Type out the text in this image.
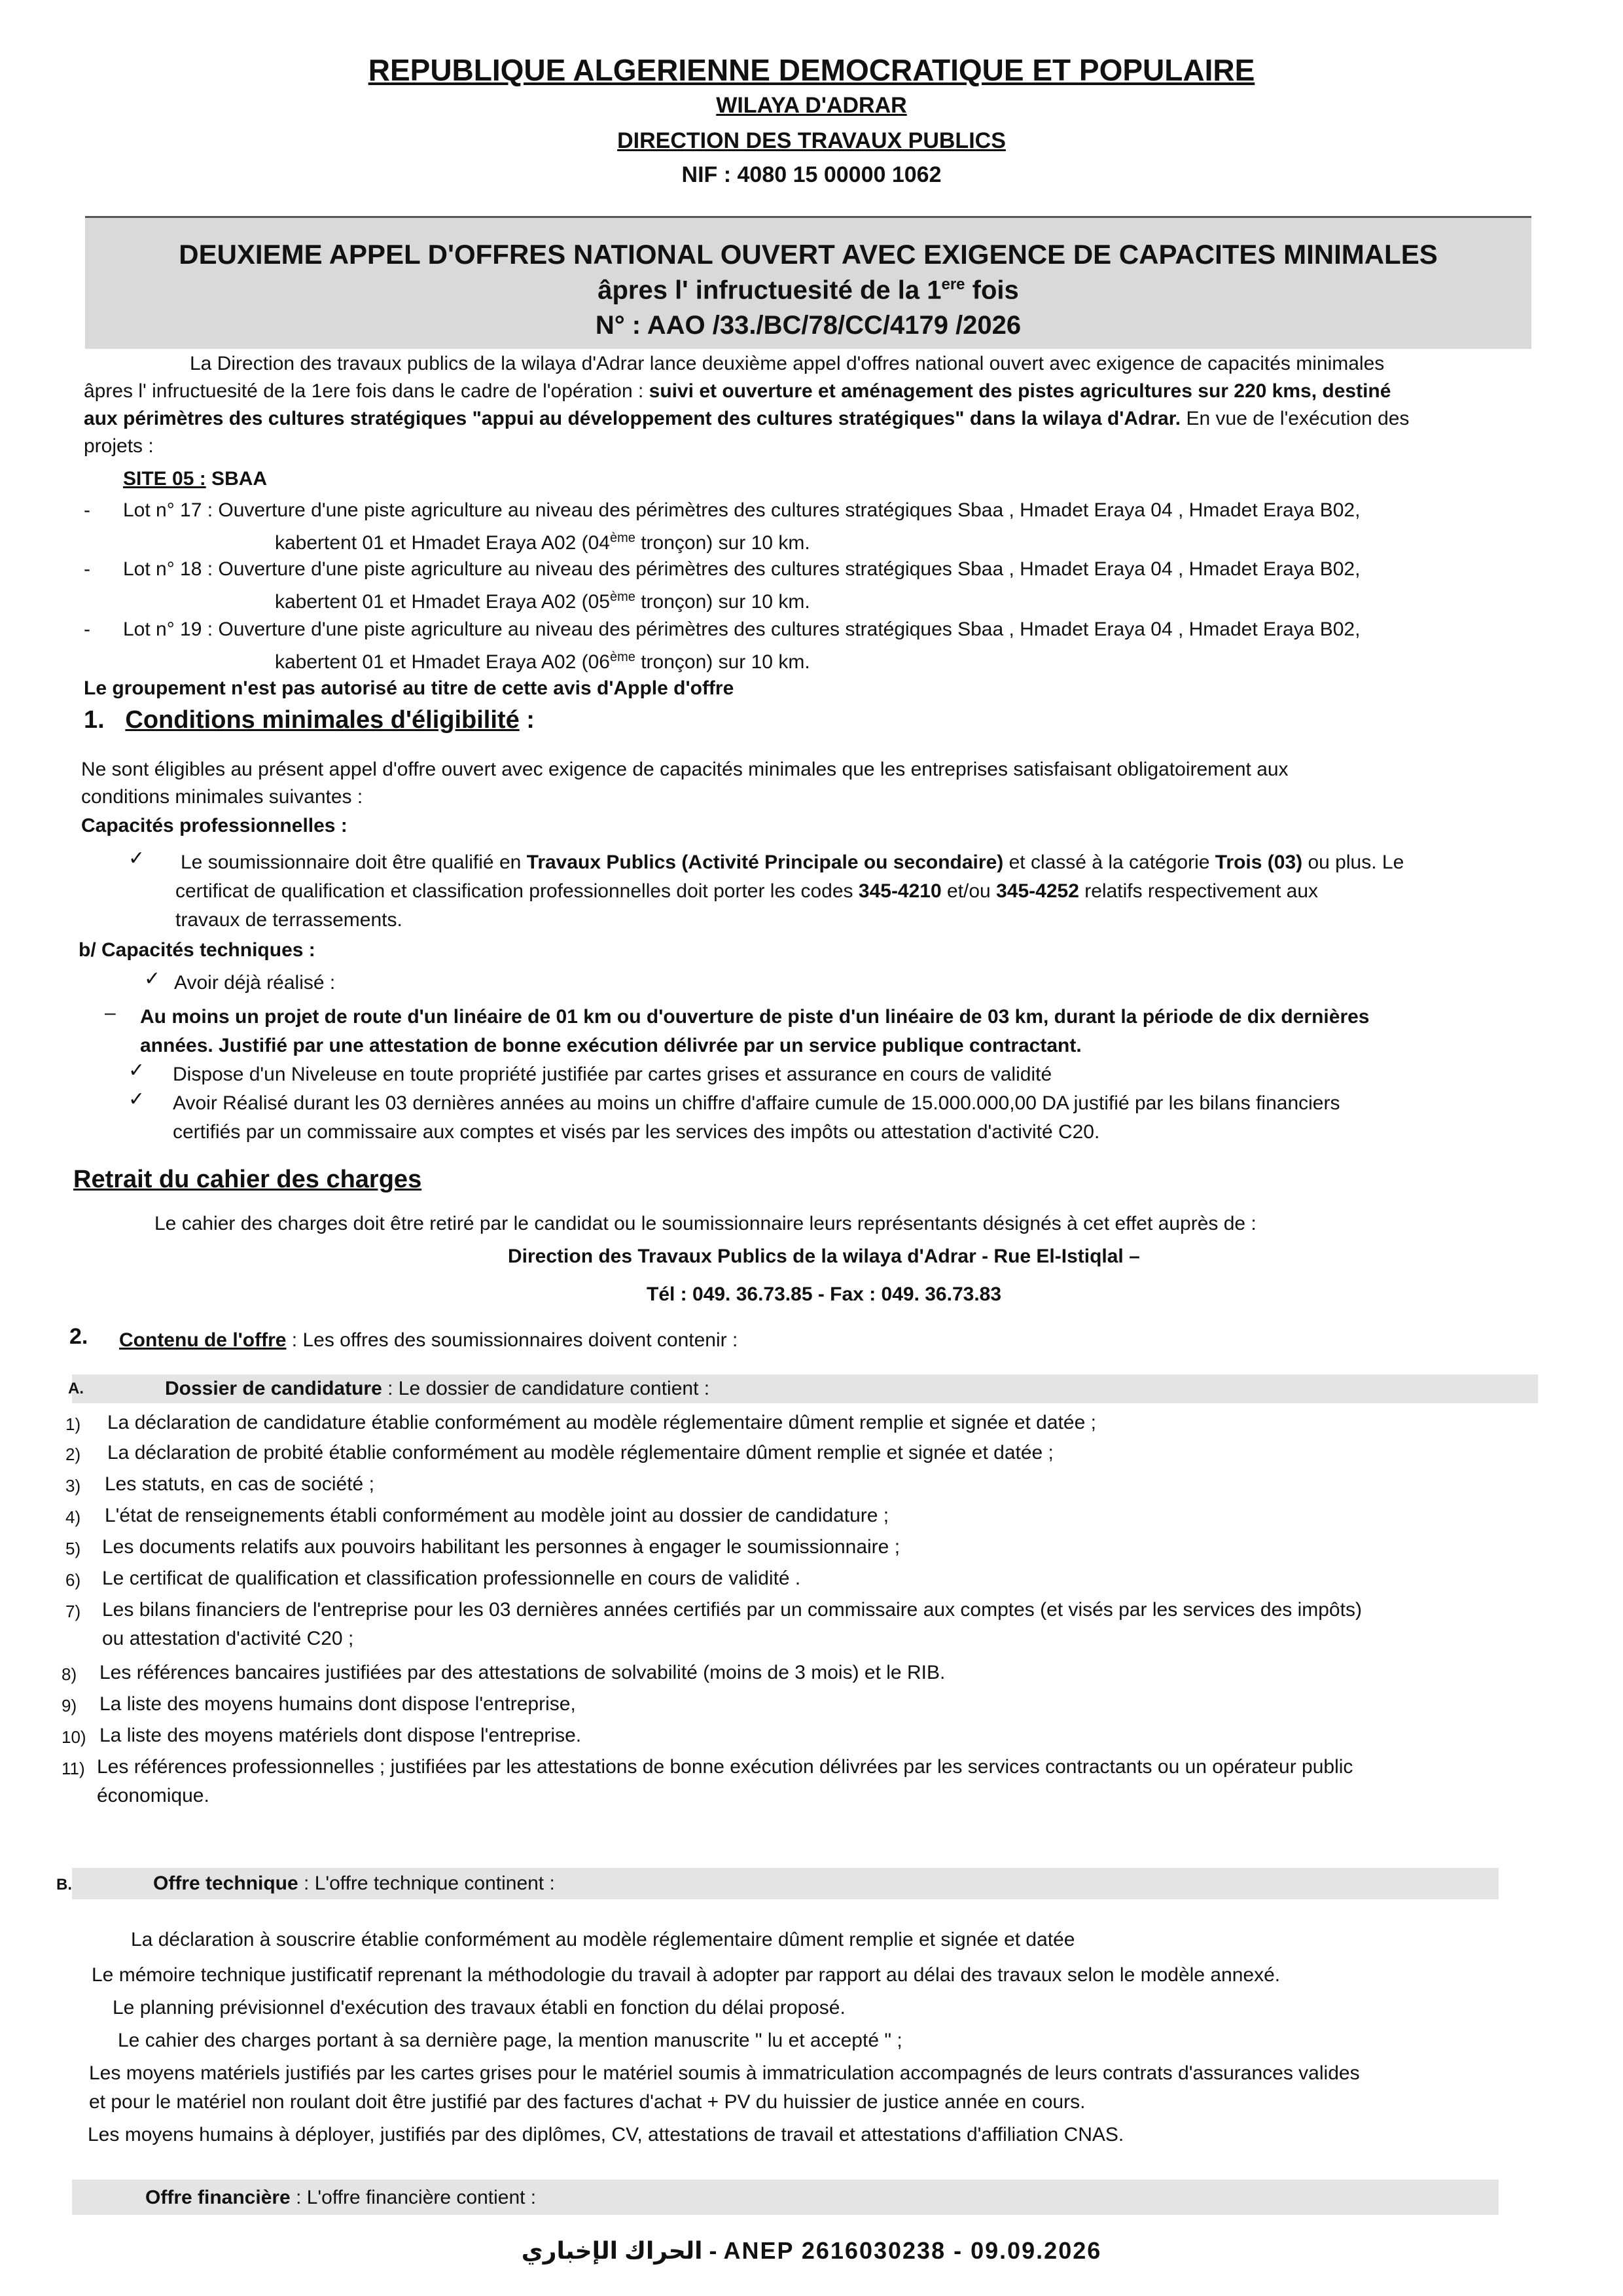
REPUBLIQUE ALGERIENNE DEMOCRATIQUE ET POPULAIRE
WILAYA D'ADRAR
DIRECTION DES TRAVAUX PUBLICS
NIF : 4080 15 00000 1062
DEUXIEME APPEL D'OFFRES NATIONAL OUVERT AVEC EXIGENCE DE CAPACITES MINIMALES
âpres l' infructuesité de la 1ere fois
N° : AAO /33./BC/78/CC/4179 /2026
La Direction des travaux publics de la wilaya d'Adrar lance deuxième appel d'offres national ouvert avec exigence de capacités minimales
âpres l' infructuesité de la 1ere fois dans le cadre de l'opération : suivi et ouverture et aménagement des pistes agricultures sur 220 kms, destiné
aux périmètres des cultures stratégiques "appui au développement des cultures stratégiques" dans la wilaya d'Adrar. En vue de l'exécution des
projets :
SITE 05 : SBAA
- Lot n° 17 : Ouverture d'une piste agriculture au niveau des périmètres des cultures stratégiques Sbaa , Hmadet Eraya 04 , Hmadet Eraya B02,
kabertent 01 et Hmadet Eraya A02 (04ème tronçon) sur 10 km.
- Lot n° 18 : Ouverture d'une piste agriculture au niveau des périmètres des cultures stratégiques Sbaa , Hmadet Eraya 04 , Hmadet Eraya B02,
kabertent 01 et Hmadet Eraya A02 (05ème tronçon) sur 10 km.
- Lot n° 19 : Ouverture d'une piste agriculture au niveau des périmètres des cultures stratégiques Sbaa , Hmadet Eraya 04 , Hmadet Eraya B02,
kabertent 01 et Hmadet Eraya A02 (06ème tronçon) sur 10 km.
Le groupement n'est pas autorisé au titre de cette avis d'Apple d'offre
1. Conditions minimales d'éligibilité :
Ne sont éligibles au présent appel d'offre ouvert avec exigence de capacités minimales que les entreprises satisfaisant obligatoirement aux
conditions minimales suivantes :
Capacités professionnelles :
✓ Le soumissionnaire doit être qualifié en Travaux Publics (Activité Principale ou secondaire) et classé à la catégorie Trois (03) ou plus. Le
certificat de qualification et classification professionnelles doit porter les codes 345-4210 et/ou 345-4252 relatifs respectivement aux
travaux de terrassements.
b/ Capacités techniques :
✓ Avoir déjà réalisé :
– Au moins un projet de route d'un linéaire de 01 km ou d'ouverture de piste d'un linéaire de 03 km, durant la période de dix dernières
années. Justifié par une attestation de bonne exécution délivrée par un service publique contractant.
✓ Dispose d'un Niveleuse en toute propriété justifiée par cartes grises et assurance en cours de validité
✓ Avoir Réalisé durant les 03 dernières années au moins un chiffre d'affaire cumule de 15.000.000,00 DA justifié par les bilans financiers
certifiés par un commissaire aux comptes et visés par les services des impôts ou attestation d'activité C20.
Retrait du cahier des charges
Le cahier des charges doit être retiré par le candidat ou le soumissionnaire leurs représentants désignés à cet effet auprès de :
Direction des Travaux Publics de la wilaya d'Adrar - Rue El-Istiqlal –
Tél : 049. 36.73.85 - Fax : 049. 36.73.83
2. Contenu de l'offre : Les offres des soumissionnaires doivent contenir :
A.	Dossier de candidature : Le dossier de candidature contient :
1) La déclaration de candidature établie conformément au modèle réglementaire dûment remplie et signée et datée ;
2) La déclaration de probité établie conformément au modèle réglementaire dûment remplie et signée et datée ;
3) Les statuts, en cas de société ;
4) L'état de renseignements établi conformément au modèle joint au dossier de candidature ;
5) Les documents relatifs aux pouvoirs habilitant les personnes à engager le soumissionnaire ;
6) Le certificat de qualification et classification professionnelle en cours de validité .
7) Les bilans financiers de l'entreprise pour les 03 dernières années certifiés par un commissaire aux comptes (et visés par les services des impôts)
ou attestation d'activité C20 ;
8) Les références bancaires justifiées par des attestations de solvabilité (moins de 3 mois) et le RIB.
9) La liste des moyens humains dont dispose l'entreprise,
10) La liste des moyens matériels dont dispose l'entreprise.
11) Les références professionnelles ; justifiées par les attestations de bonne exécution délivrées par les services contractants ou un opérateur public
économique.
B.	Offre technique : L'offre technique continent :
La déclaration à souscrire établie conformément au modèle réglementaire dûment remplie et signée et datée
Le mémoire technique justificatif reprenant la méthodologie du travail à adopter par rapport au délai des travaux selon le modèle annexé.
Le planning prévisionnel d'exécution des travaux établi en fonction du délai proposé.
Le cahier des charges portant à sa dernière page, la mention manuscrite " lu et accepté " ;
Les moyens matériels justifiés par les cartes grises pour le matériel soumis à immatriculation accompagnés de leurs contrats d'assurances valides
et pour le matériel non roulant doit être justifié par des factures d'achat + PV du huissier de justice année en cours.
Les moyens humains à déployer, justifiés par des diplômes, CV, attestations de travail et attestations d'affiliation CNAS.
Offre financière : L'offre financière contient :
الحراك الإخباري - ANEP 2616030238 - 09.09.2026
